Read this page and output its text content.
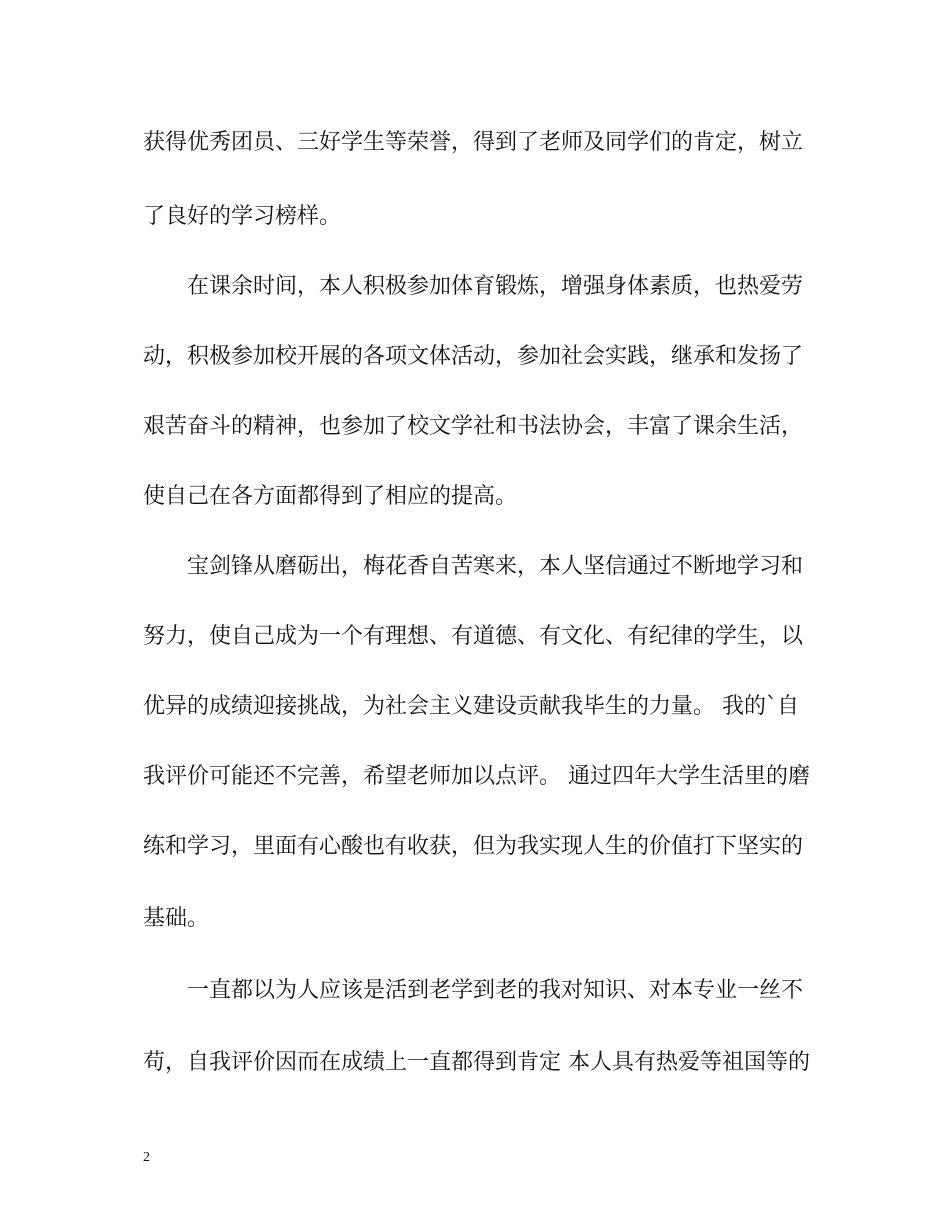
获得优秀团员、三好学生等荣誉，得到了老师及同学们的肯定，树立
了良好的学习榜样。
　　在课余时间，本人积极参加体育锻炼，增强身体素质，也热爱劳
动，积极参加校开展的各项文体活动，参加社会实践，继承和发扬了
艰苦奋斗的精神，也参加了校文学社和书法协会，丰富了课余生活，
使自己在各方面都得到了相应的提高。
　　宝剑锋从磨砺出，梅花香自苦寒来，本人坚信通过不断地学习和
努力，使自己成为一个有理想、有道德、有文化、有纪律的学生，以
优异的成绩迎接挑战，为社会主义建设贡献我毕生的力量。 我的`自
我评价可能还不完善，希望老师加以点评。 通过四年大学生活里的磨
练和学习，里面有心酸也有收获，但为我实现人生的价值打下坚实的
基础。
　　一直都以为人应该是活到老学到老的我对知识、对本专业一丝不
苟，自我评价因而在成绩上一直都得到肯定 本人具有热爱等祖国等的
2
